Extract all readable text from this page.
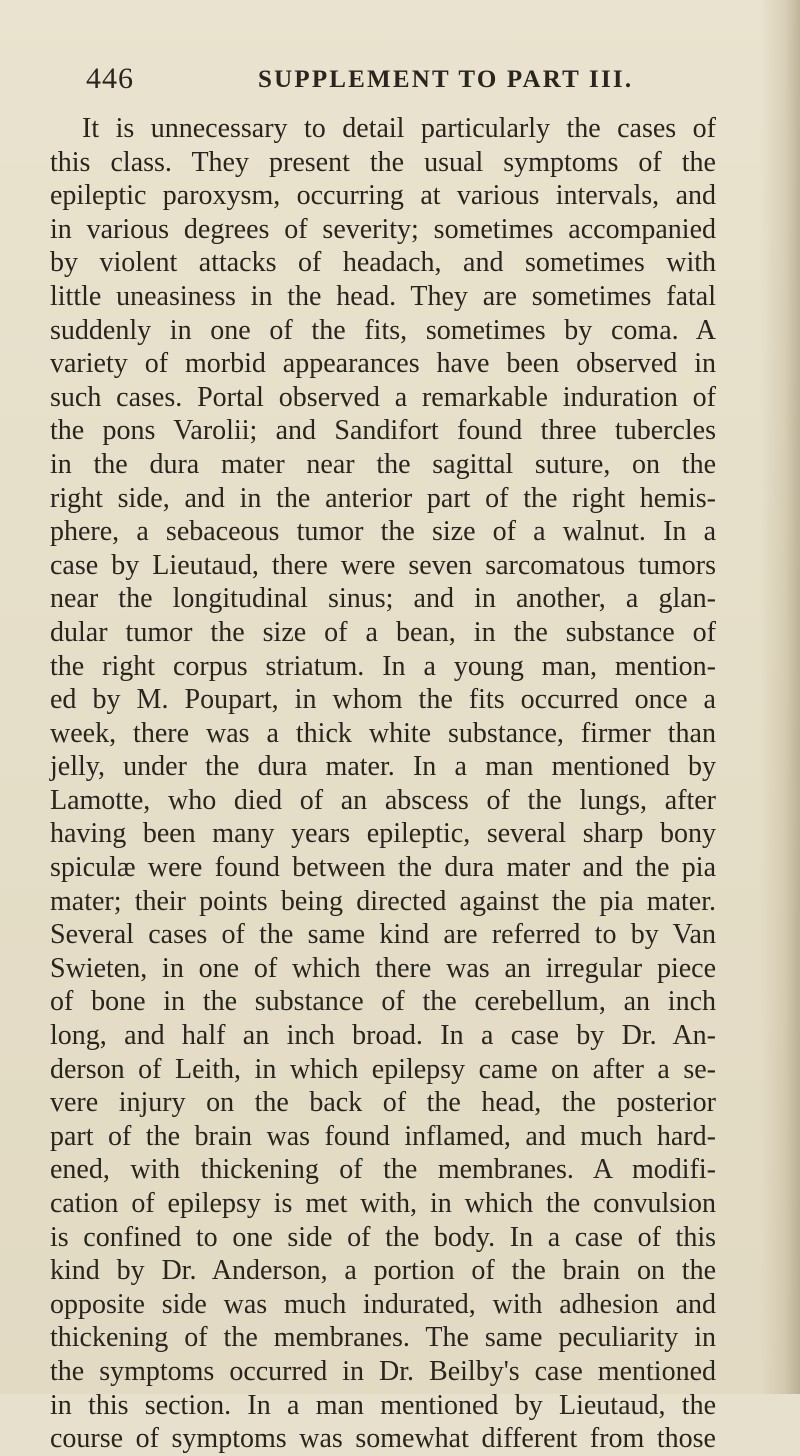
446	SUPPLEMENT TO PART III.
It is unnecessary to detail particularly the cases of
this class. They present the usual symptoms of the
epileptic paroxysm, occurring at various intervals, and
in various degrees of severity; sometimes accompanied
by violent attacks of headach, and sometimes with
little uneasiness in the head. They are sometimes fatal
suddenly in one of the fits, sometimes by coma. A
variety of morbid appearances have been observed in
such cases. Portal observed a remarkable induration of
the pons Varolii; and Sandifort found three tubercles
in the dura mater near the sagittal suture, on the
right side, and in the anterior part of the right hemis-
phere, a sebaceous tumor the size of a walnut. In a
case by Lieutaud, there were seven sarcomatous tumors
near the longitudinal sinus; and in another, a glan-
dular tumor the size of a bean, in the substance of
the right corpus striatum. In a young man, mention-
ed by M. Poupart, in whom the fits occurred once a
week, there was a thick white substance, firmer than
jelly, under the dura mater. In a man mentioned by
Lamotte, who died of an abscess of the lungs, after
having been many years epileptic, several sharp bony
spiculæ were found between the dura mater and the pia
mater; their points being directed against the pia mater.
Several cases of the same kind are referred to by Van
Swieten, in one of which there was an irregular piece
of bone in the substance of the cerebellum, an inch
long, and half an inch broad. In a case by Dr. An-
derson of Leith, in which epilepsy came on after a se-
vere injury on the back of the head, the posterior
part of the brain was found inflamed, and much hard-
ened, with thickening of the membranes. A modifi-
cation of epilepsy is met with, in which the convulsion
is confined to one side of the body. In a case of this
kind by Dr. Anderson, a portion of the brain on the
opposite side was much indurated, with adhesion and
thickening of the membranes. The same peculiarity in
the symptoms occurred in Dr. Beilby's case mentioned
in this section. In a man mentioned by Lieutaud, the
course of symptoms was somewhat different from those
